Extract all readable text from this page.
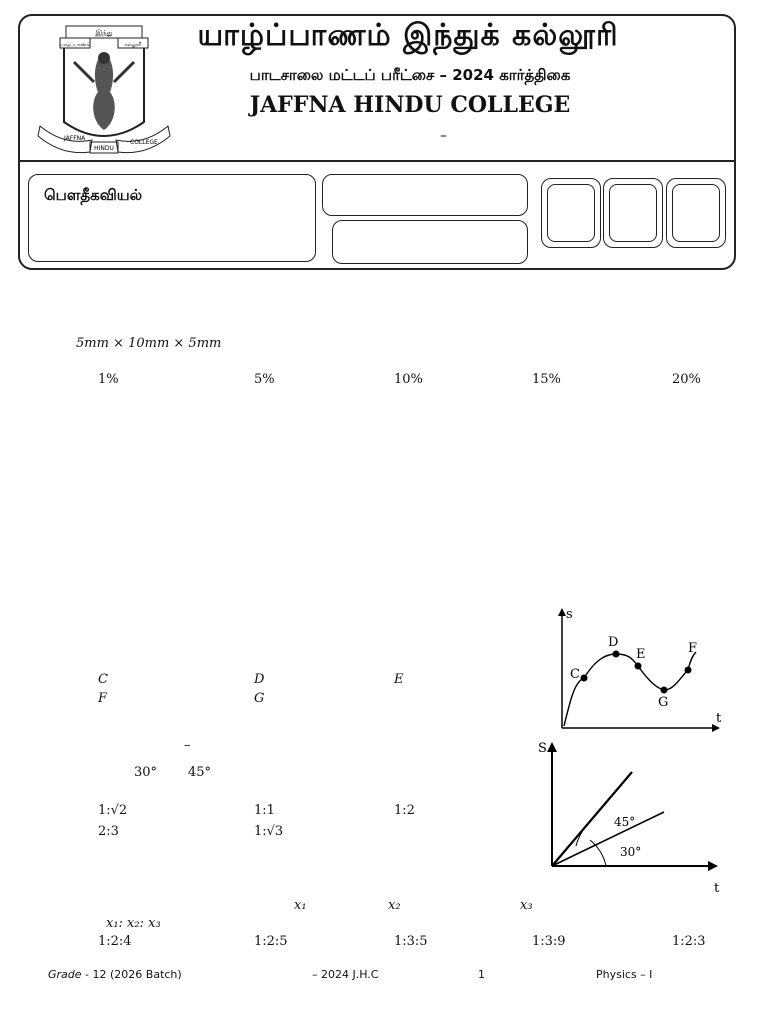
இந்து
யாழ்ப்பாணம்	கல்லூரி
JAFFNA
COLLEGE
HINDU
யாழ்ப்பாணம் இந்துக் கல்லூரி
பாடசாலை மட்டப் பரீட்சை – 2024 கார்த்திகை
JAFFNA HINDU COLLEGE
–
பௌதீகவியல்
5mm × 10mm × 5mm
1%	5%	10%	15%	20%
s
t
C
D
E	F
G
C	D	E
F	G
–
30° 45°
1:√2	1:1	1:2
2:3	1:√3
S
t
45°
30°
x₁	x₂	x₃
x₁: x₂: x₃
1:2:4	1:2:5	1:3:5	1:3:9	1:2:3
Grade - 12 (2026 Batch)	– 2024 J.H.C	1	Physics – I
